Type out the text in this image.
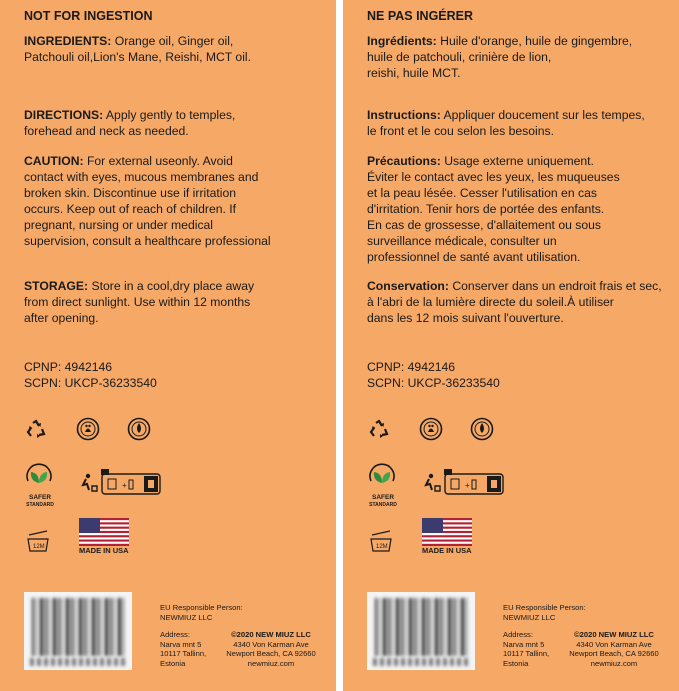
NOT FOR INGESTION
INGREDIENTS: Orange oil, Ginger oil,
Patchouli oil,Lion's Mane, Reishi, MCT oil.
DIRECTIONS: Apply gently to temples,
forehead and neck as needed.
CAUTION: For external useonly. Avoid
contact with eyes, mucous membranes and
broken skin. Discontinue use if irritation
occurs. Keep out of reach of children. If
pregnant, nursing or under medical
supervision, consult a healthcare professional
STORAGE: Store in a cool,dry place away
from direct sunlight. Use within 12 months
after opening.
CPNP: 4942146
SCPN: UKCP-36233540
SAFER
STANDARD
+
12M	MADE IN USA
EU Responsible Person:
NEWMIUZ LLC
Address:
Narva mnt 5
10117 Tallinn,
Estonia
©2020 NEW MIUZ LLC
4340 Von Karman Ave
Newport Beach, CA 92660
newmiuz.com
NE PAS INGÉRER
Ingrédients: Huile d'orange, huile de gingembre,
huile de patchouli, crinière de lion,
reishi, huile MCT.
Instructions: Appliquer doucement sur les tempes,
le front et le cou selon les besoins.
Précautions: Usage externe uniquement.
Éviter le contact avec les yeux, les muqueuses
et la peau lésée. Cesser l'utilisation en cas
d'irritation. Tenir hors de portée des enfants.
En cas de grossesse, d'allaitement ou sous
surveillance médicale, consulter un
professionnel de santé avant utilisation.
Conservation: Conserver dans un endroit frais et sec,
à l'abri de la lumière directe du soleil.À utiliser
dans les 12 mois suivant l'ouverture.
CPNP: 4942146
SCPN: UKCP-36233540
SAFER
STANDARD
+
12M	MADE IN USA
EU Responsible Person:
NEWMIUZ LLC
Address:
Narva mnt 5
10117 Tallinn,
Estonia
©2020 NEW MIUZ LLC
4340 Von Karman Ave
Newport Beach, CA 92660
newmiuz.com
